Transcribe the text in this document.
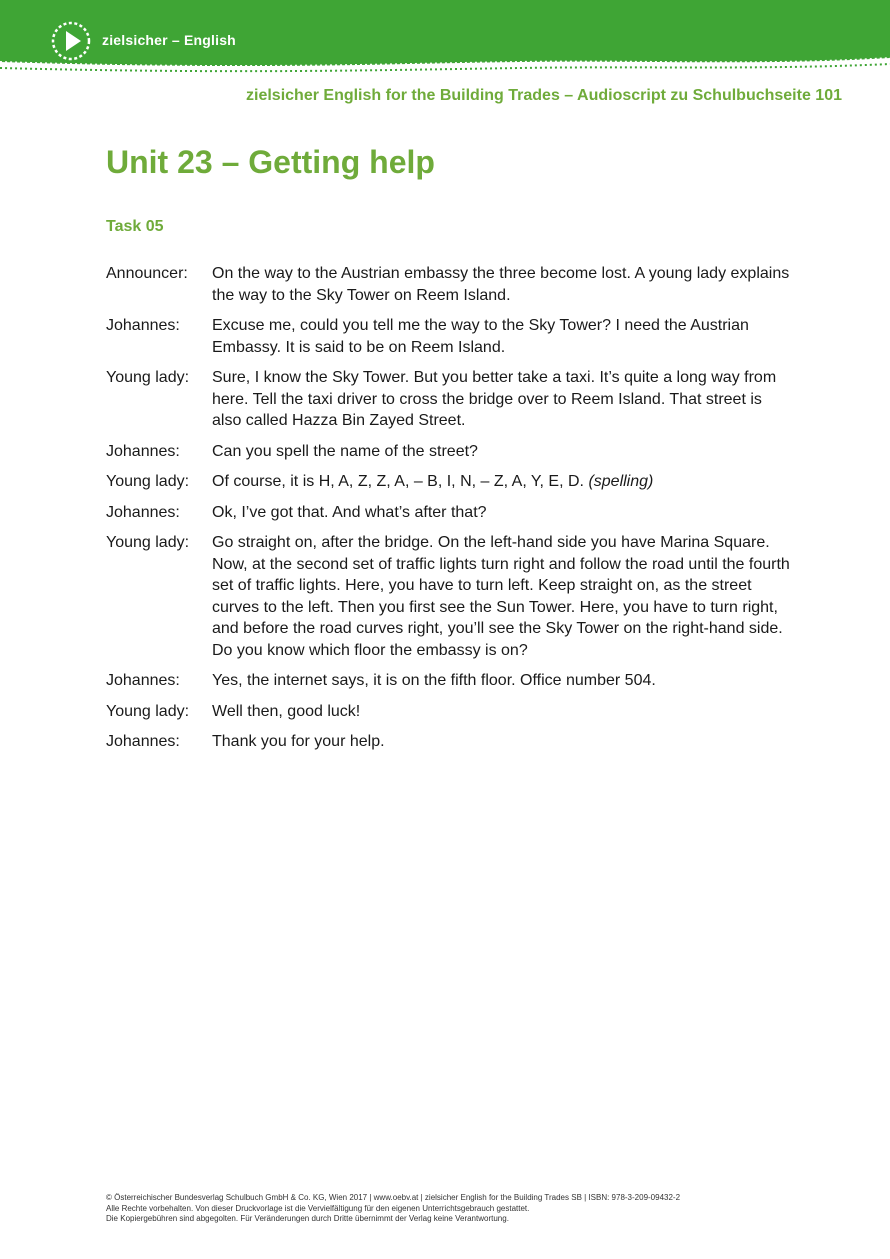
zielsicher – English
zielsicher English for the Building Trades – Audioscript zu Schulbuchseite 101
Unit 23 – Getting help
Task 05
Announcer:	On the way to the Austrian embassy the three become lost. A young lady explains the way to the Sky Tower on Reem Island.
Johannes:	Excuse me, could you tell me the way to the Sky Tower? I need the Austrian Embassy. It is said to be on Reem Island.
Young lady:	Sure, I know the Sky Tower. But you better take a taxi. It’s quite a long way from here. Tell the taxi driver to cross the bridge over to Reem Island. That street is also called Hazza Bin Zayed Street.
Johannes:	Can you spell the name of the street?
Young lady:	Of course, it is H, A, Z, Z, A, – B, I, N, – Z, A, Y, E, D. (spelling)
Johannes:	Ok, I’ve got that. And what’s after that?
Young lady:	Go straight on, after the bridge. On the left-hand side you have Marina Square. Now, at the second set of traffic lights turn right and follow the road until the fourth set of traffic lights. Here, you have to turn left. Keep straight on, as the street curves to the left. Then you first see the Sun Tower. Here, you have to turn right, and before the road curves right, you’ll see the Sky Tower on the right-hand side. Do you know which floor the embassy is on?
Johannes:	Yes, the internet says, it is on the fifth floor. Office number 504.
Young lady:	Well then, good luck!
Johannes:	Thank you for your help.
© Österreichischer Bundesverlag Schulbuch GmbH & Co. KG, Wien 2017 | www.oebv.at | zielsicher English for the Building Trades SB | ISBN: 978-3-209-09432-2
Alle Rechte vorbehalten. Von dieser Druckvorlage ist die Vervielfältigung für den eigenen Unterrichtsgebrauch gestattet.
Die Kopiergebühren sind abgegolten. Für Veränderungen durch Dritte übernimmt der Verlag keine Verantwortung.
